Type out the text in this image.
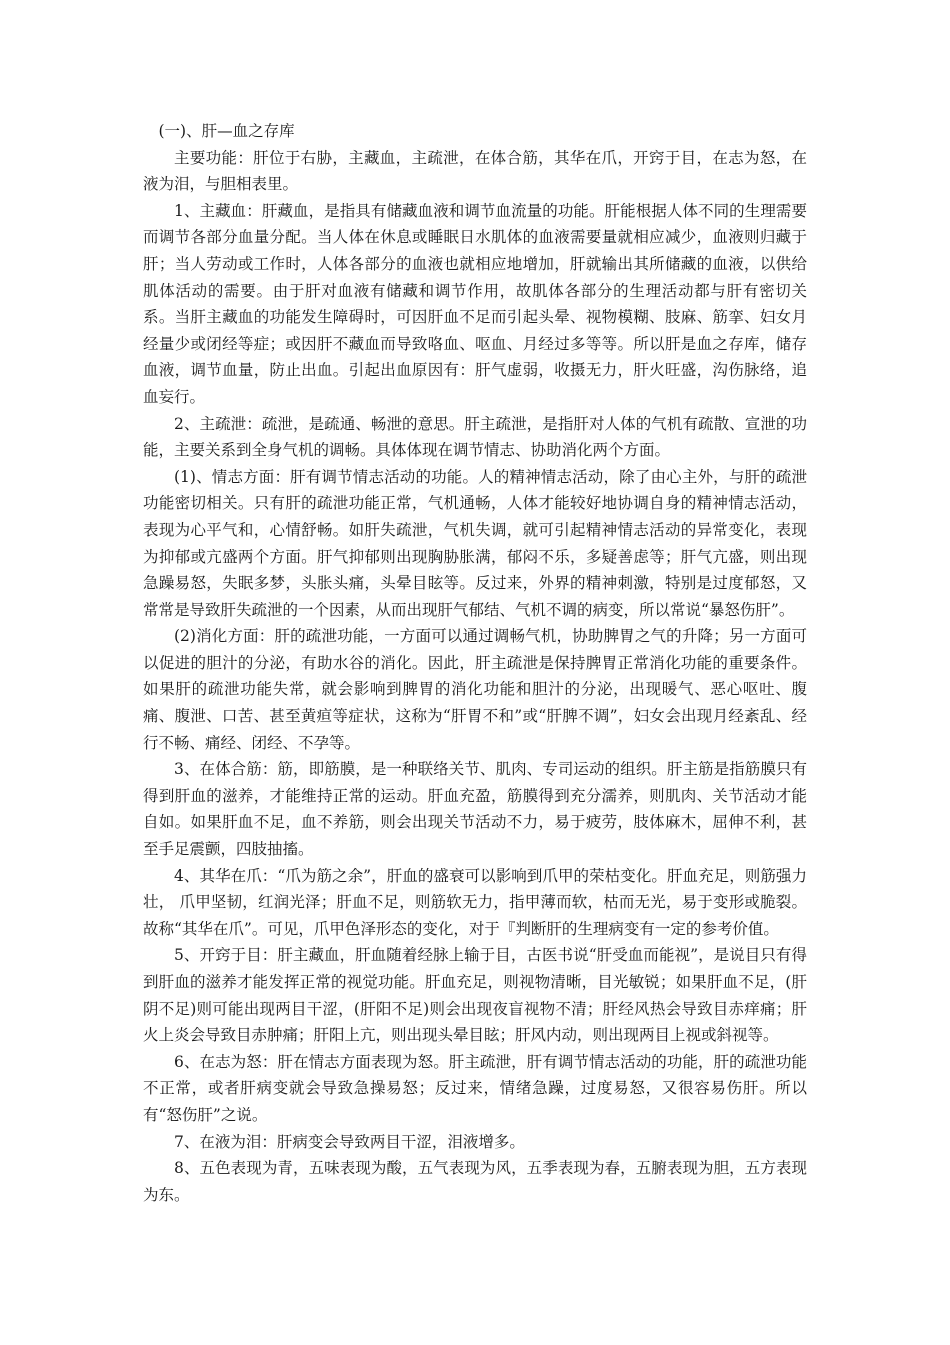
(一)、肝—血之存库

主要功能：肝位于右胁，主藏血，主疏泄，在体合筋，其华在爪，开窍于目，在志为怒，在液为泪，与胆相表里。

1、主藏血：肝藏血，是指具有储藏血液和调节血流量的功能。肝能根据人体不同的生理需要而调节各部分血量分配。当人体在休息或睡眠日水肌体的血液需要量就相应减少，血液则归藏于肝；当人劳动或工作时，人体各部分的血液也就相应地增加，肝就输出其所储藏的血液，以供给肌体活动的需要。由于肝对血液有储藏和调节作用，故肌体各部分的生理活动都与肝有密切关系。当肝主藏血的功能发生障碍时，可因肝血不足而引起头晕、视物模糊、肢麻、筋挛、妇女月经量少或闭经等症；或因肝不藏血而导致咯血、呕血、月经过多等等。所以肝是血之存库，储存血液，调节血量，防止出血。引起出血原因有：肝气虚弱，收摄无力，肝火旺盛，沟伤脉络，追血妄行。

2、主疏泄：疏泄，是疏通、畅泄的意思。肝主疏泄，是指肝对人体的气机有疏散、宣泄的功能，主要关系到全身气机的调畅。具体体现在调节情志、协助消化两个方面。

(1)、情志方面：肝有调节情志活动的功能。人的精神情志活动，除了由心主外，与肝的疏泄功能密切相关。只有肝的疏泄功能正常，气机通畅，人体才能较好地协调自身的精神情志活动，表现为心平气和，心情舒畅。如肝失疏泄，气机失调，就可引起精神情志活动的异常变化，表现为抑郁或亢盛两个方面。肝气抑郁则出现胸胁胀满，郁闷不乐，多疑善虑等；肝气亢盛，则出现急躁易怒，失眠多梦，头胀头痛，头晕目眩等。反过来，外界的精神刺激，特别是过度郁怒，又常常是导致肝失疏泄的一个因素，从而出现肝气郁结、气机不调的病变，所以常说“暴怒伤肝”。

(2)消化方面：肝的疏泄功能，一方面可以通过调畅气机，协助脾胃之气的升降；另一方面可以促进的胆汁的分泌，有助水谷的消化。因此，肝主疏泄是保持脾胃正常消化功能的重要条件。如果肝的疏泄功能失常，就会影响到脾胃的消化功能和胆汁的分泌，出现暖气、恶心呕吐、腹痛、腹泄、口苦、甚至黄疸等症状，这称为“肝胃不和”或“肝脾不调”，妇女会出现月经紊乱、经行不畅、痛经、闭经、不孕等。

3、在体合筋：筋，即筋膜，是一种联络关节、肌肉、专司运动的组织。肝主筋是指筋膜只有得到肝血的滋养，才能维持正常的运动。肝血充盈，筋膜得到充分濡养，则肌肉、关节活动才能自如。如果肝血不足，血不养筋，则会出现关节活动不力，易于疲劳，肢体麻木，屈伸不利，甚至手足震颤，四肢抽搐。

4、其华在爪：“爪为筋之余”，肝血的盛衰可以影响到爪甲的荣枯变化。肝血充足，则筋强力壮， 爪甲坚韧，红润光泽；肝血不足，则筋软无力，指甲薄而软，枯而无光，易于变形或脆裂。故称“其华在爪”。可见，爪甲色泽形态的变化，对于『判断肝的生理病变有一定的参考价值。

5、开窍于目：肝主藏血，肝血随着经脉上输于目，古医书说“肝受血而能视”，是说目只有得到肝血的滋养才能发挥正常的视觉功能。肝血充足，则视物清晰，目光敏锐；如果肝血不足，(肝阴不足)则可能出现两目干涩，(肝阳不足)则会出现夜盲视物不清；肝经风热会导致目赤痒痛；肝火上炎会导致目赤肿痛；肝阳上亢，则出现头晕目眩；肝风内动，则出现两目上视或斜视等。

6、在志为怒：肝在情志方面表现为怒。肝主疏泄，肝有调节情志活动的功能，肝的疏泄功能不正常，或者肝病变就会导致急操易怒；反过来，情绪急躁，过度易怒，又很容易伤肝。所以有“怒伤肝”之说。

7、在液为泪：肝病变会导致两目干涩，泪液增多。

8、五色表现为青，五味表现为酸，五气表现为风，五季表现为春，五腑表现为胆，五方表现为东。
